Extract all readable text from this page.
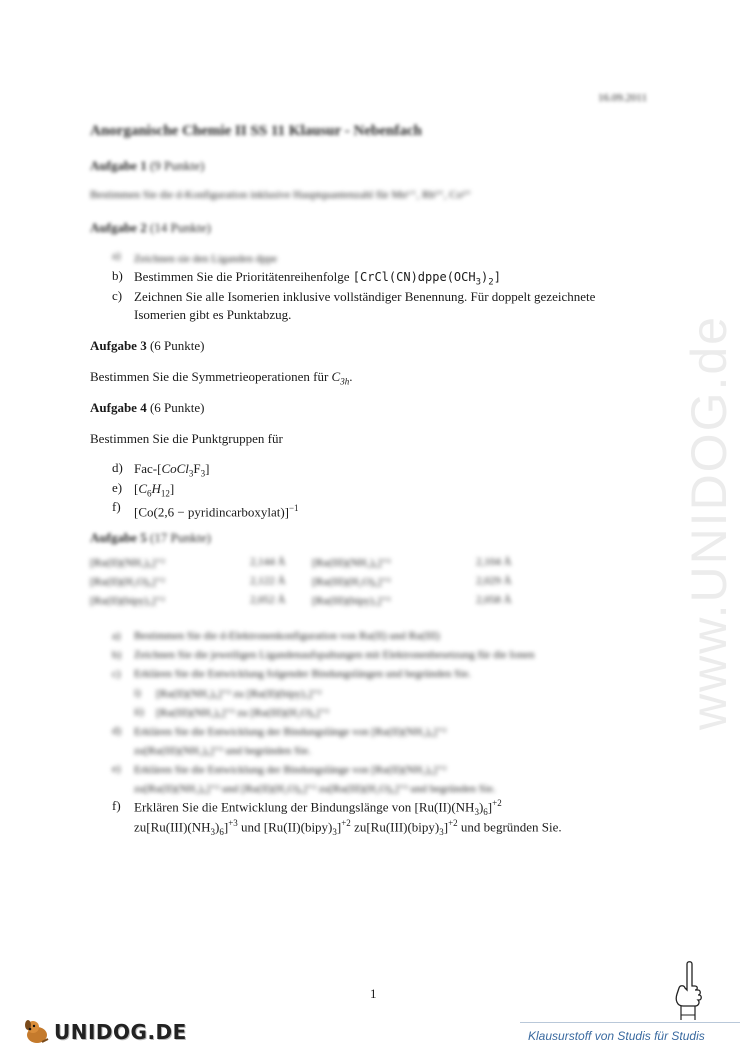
16.09.2011
Anorganische Chemie II SS 11 Klausur - Nebenfach
Aufgabe 1 (9 Punkte)
Bestimmen Sie die d-Konfiguration inklusive Hauptquantenzahl für Mn⁶⁺, Rh³⁺, Co²⁺
Aufgabe 2 (14 Punkte)
a) Zeichnen sie den Liganden dppe
b) Bestimmen Sie die Prioritätenreihenfolge $[CrCl(CN)dppe(OCH_3)_2]$
c) Zeichnen Sie alle Isomerien inklusive vollständiger Benennung. Für doppelt gezeichnete
Isomerien gibt es Punktabzug.
Aufgabe 3 (6 Punkte)
Bestimmen Sie die Symmetrieoperationen für $C_{3h}$.
Aufgabe 4 (6 Punkte)
Bestimmen Sie die Punktgruppen für
d) Fac-$[CoCl_3F_3]$
e) $[C_6H_{12}]$
f) [Co(2,6 − pyridincarboxylat)]$^{-1}$
Aufgabe 5 (17 Punkte)
[Ru(II)(NH₃)₆]⁺²	2,144 Å [Ru(III)(NH₃)₆]⁺³	2,104 Å
[Ru(II)(H₂O)₆]⁺²	2,122 Å [Ru(III)(H₂O)₆]⁺³	2,029 Å
[Ru(II)(bipy)₃]⁺²	2,052 Å [Ru(III)(bipy)₃]⁺³	2,058 Å
a) Bestimmen Sie die d-Elektronenkonfiguration von Ru(II) und Ru(III)
b) Zeichnen Sie die jeweiligen Ligandenaufspaltungen mit Elektronenbesetzung für die Ionen
c) Erklären Sie die Entwicklung folgender Bindungslängen und begründen Sie.
i) [Ru(II)(NH₃)₆]⁺² zu [Ru(II)(bipy)₃]⁺²
ii) [Ru(III)(NH₃)₆]⁺³ zu [Ru(III)(H₂O)₆]⁺³
d) Erklären Sie die Entwicklung der Bindungslänge von [Ru(II)(NH₃)₆]⁺²
zu[Ru(III)(NH₃)₆]⁺³ und begründen Sie.
e) Erklären Sie die Entwicklung der Bindungslänge von [Ru(II)(NH₃)₆]⁺²
zu[Ru(II)(NH₃)₆]⁺² und [Ru(II)(H₂O)₆]⁺² zu[Ru(III)(H₂O)₆]⁺³ und begründen Sie.
f) Erklären Sie die Entwicklung der Bindungslänge von $[Ru(II)(NH_3)_6]^{+2}$
$zu[Ru(III)(NH_3)_6]^{+3}$ und $[Ru(II)(bipy)_3]^{+2}$ $zu[Ru(III)(bipy)_3]^{+2}$ und begründen Sie.
1
www.UNIDOG.de
UNIDOG.DE	Klausurstoff von Studis für Studis
